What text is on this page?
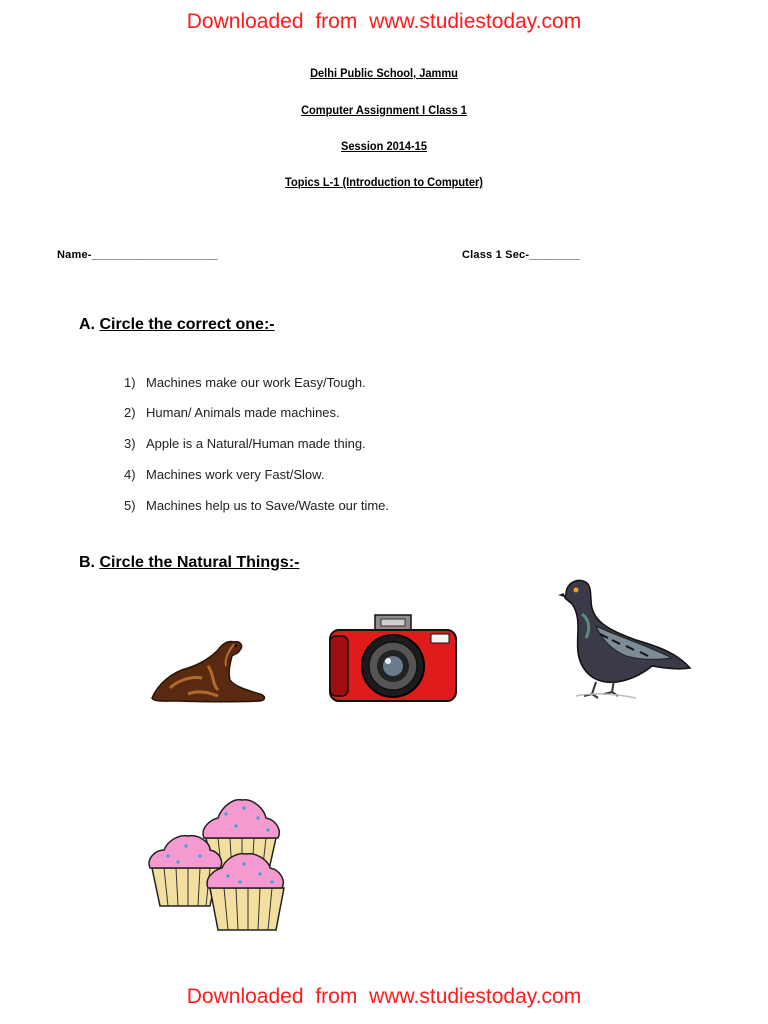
Downloaded from www.studiestoday.com
Delhi Public School, Jammu
Computer Assignment I Class 1
Session 2014-15
Topics L-1 (Introduction to Computer)
Name-____________________	Class 1 Sec-________
A. Circle the correct one:-
1) Machines make our work Easy/Tough.
2) Human/ Animals made machines.
3) Apple is a Natural/Human made thing.
4) Machines work very Fast/Slow.
5) Machines help us to Save/Waste our time.
B. Circle the Natural Things:-
Downloaded from www.studiestoday.com
